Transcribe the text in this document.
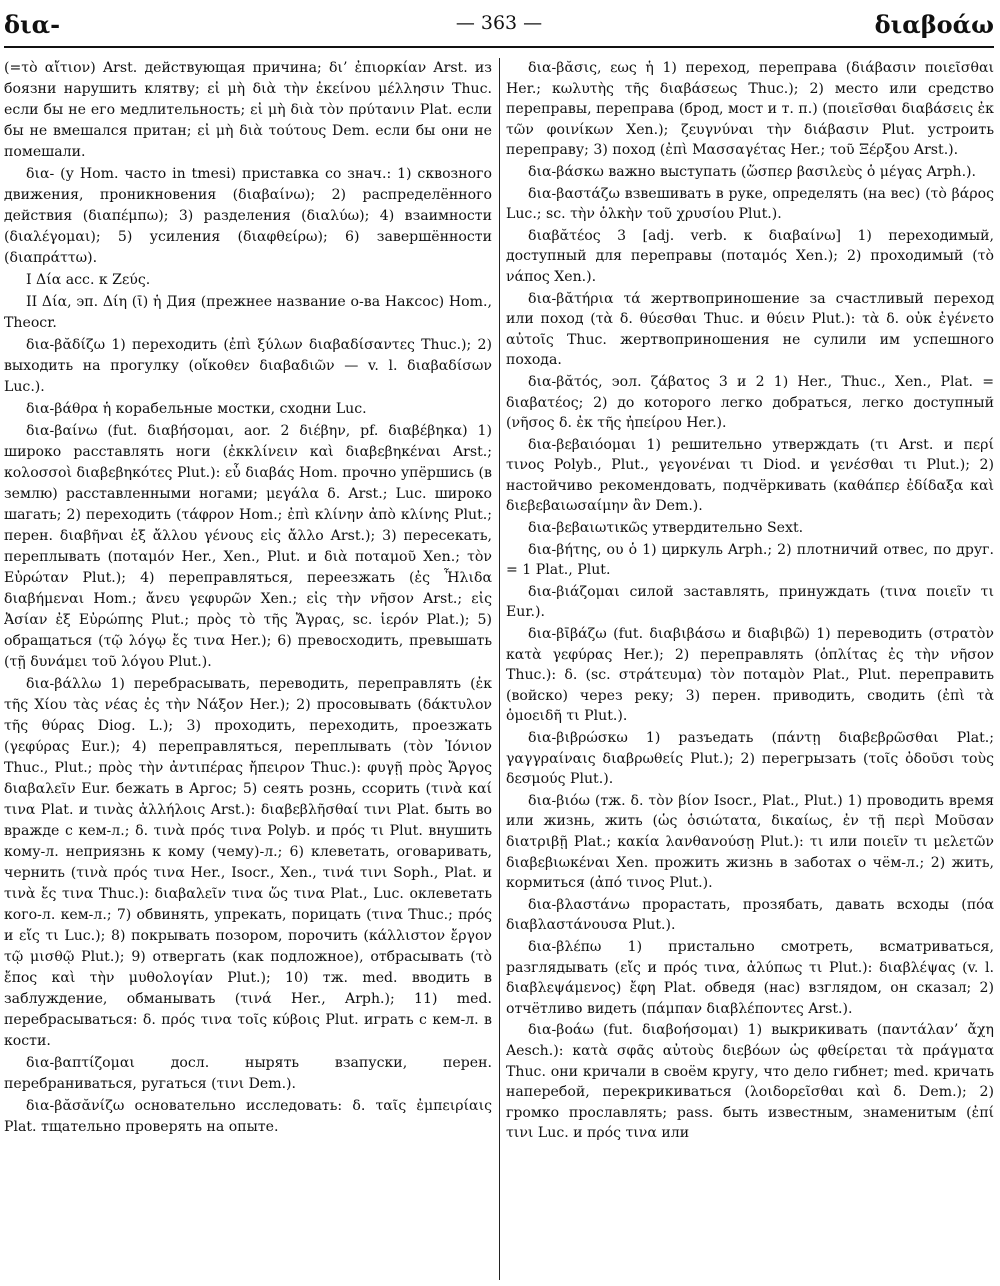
δια-	— 363 —	διαβοάω

(=τὸ αἴτιον) Arst. действующая причина; δι’ ἐπιορκίαν Arst. из боязни нарушить клятву; εἰ μὴ διὰ τὴν ἐκείνου μέλλησιν Thuc. если бы не его медлительность; εἰ μὴ διὰ τὸν πρύτανιν Plat. если бы не вмешался притан; εἰ μὴ διὰ τούτους Dem. если бы они не помешали.

δια- (у Hom. часто in tmesi) приставка со знач.: 1) сквозного движения, проникновения (διαβαίνω); 2) распределённого действия (διαπέμπω); 3) разделения (διαλύω); 4) взаимности (διαλέγομαι); 5) усиления (διαφθείρω); 6) завершённости (διαπράττω).

I Δία acc. к Ζεύς.

II Δία, эп. Δίη (ῑ) ἡ Дия (прежнее название о-ва Наксос) Hom., Theocr.

δια-βᾰδίζω 1) переходить (ἐπὶ ξύλων διαβαδίσαντες Thuc.); 2) выходить на прогулку (οἴκοθεν διαβαδιῶν — v. l. διαβαδίσων Luc.).

δια-βάθρα ἡ корабельные мостки, сходни Luc.

δια-βαίνω (fut. διαβήσομαι, aor. 2 διέβην, pf. διαβέβηκα) 1) широко расставлять ноги (ἐκκλίνειν καὶ διαβεβηκέναι Arst.; κολοσσοὶ διαβεβηκότες Plut.): εὖ διαβάς Hom. прочно упёршись (в землю) расставленными ногами; μεγάλα δ. Arst.; Luc. широко шагать; 2) переходить (τάφρον Hom.; ἐπὶ κλίνην ἀπὸ κλίνης Plut.; перен. διαβῆναι ἐξ ἄλλου γένους εἰς ἄλλο Arst.); 3) пересекать, переплывать (ποταμόν Her., Xen., Plut. и διὰ ποταμοῦ Xen.; τὸν Εὐρώταν Plut.); 4) переправляться, переезжать (ἐς Ἦλιδα διαβήμεναι Hom.; ἄνευ γεφυρῶν Xen.; εἰς τὴν νῆσον Arst.; εἰς Ἀσίαν ἐξ Εὐρώπης Plut.; πρὸς τὸ τῆς Ἄγρας, sc. ἱερόν Plat.); 5) обращаться (τῷ λόγῳ ἔς τινα Her.); 6) превосходить, превышать (τῇ δυνάμει τοῦ λόγου Plut.).

δια-βάλλω 1) перебрасывать, переводить, переправлять (ἐκ τῆς Χίου τὰς νέας ἐς τὴν Νάξον Her.); 2) просовывать (δάκτυλον τῆς θύρας Diog. L.); 3) проходить, переходить, проезжать (γεφύρας Eur.); 4) переправляться, переплывать (τὸν Ἰόνιον Thuc., Plut.; πρὸς τὴν ἀντιπέρας ἤπειρον Thuc.): φυγῇ πρὸς Ἄργος διαβαλεῖν Eur. бежать в Аргос; 5) сеять рознь, ссорить (τινὰ καί τινα Plat. и τινὰς ἀλλήλοις Arst.): διαβεβλῆσθαί τινι Plat. быть во вражде с кем-л.; δ. τινὰ πρός τινα Polyb. и πρός τι Plut. внушить кому-л. неприязнь к кому (чему)-л.; 6) клеветать, оговаривать, чернить (τινὰ πρός τινα Her., Isocr., Xen., τινά τινι Soph., Plat. и τινὰ ἔς τινα Thuc.): διαβαλεῖν τινα ὥς τινα Plat., Luc. оклеветать кого-л. кем-л.; 7) обвинять, упрекать, порицать (τινα Thuc.; πρός и εἴς τι Luc.); 8) покрывать позором, порочить (κάλλιστον ἔργον τῷ μισθῷ Plut.); 9) отвергать (как подложное), отбрасывать (τὸ ἔπος καὶ τὴν μυθολογίαν Plut.); 10) тж. med. вводить в заблуждение, обманывать (τινά Her., Arph.); 11) med. перебрасываться: δ. πρός τινα τοῖς κύβοις Plut. играть с кем-л. в кости.

δια-βαπτίζομαι досл. нырять взапуски, перен. перебраниваться, ругаться (τινι Dem.).

δια-βᾰσᾰνίζω основательно исследовать: δ. ταῖς ἐμπειρίαις Plat. тщательно проверять на опыте.

δια-βᾰσις, εως ἡ 1) переход, переправа (διάβασιν ποιεῖσθαι Her.; κωλυτὴς τῆς διαβάσεως Thuc.); 2) место или средство переправы, переправа (брод, мост и т. п.) (ποιεῖσθαι διαβάσεις ἐκ τῶν φοινίκων Xen.); ζευγνύναι τὴν διάβασιν Plut. устроить переправу; 3) поход (ἐπὶ Μασσαγέτας Her.; τοῦ Ξέρξου Arst.).

δια-βάσκω важно выступать (ὥσπερ βασιλεὺς ὁ μέγας Arph.).

δια-βαστάζω взвешивать в руке, определять (на вес) (τὸ βάρος Luc.; sc. τὴν ὁλκὴν τοῦ χρυσίου Plut.).

διαβᾰτέος 3 [adj. verb. к διαβαίνω] 1) переходимый, доступный для переправы (ποταμός Xen.); 2) проходимый (τὸ νάπος Xen.).

δια-βᾰτήρια τά жертвоприношение за счастливый переход или поход (τὰ δ. θύεσθαι Thuc. и θύειν Plut.): τὰ δ. οὐκ ἐγένετο αὐτοῖς Thuc. жертвоприношения не сулили им успешного похода.

δια-βᾰτός, эол. ζάβατος 3 и 2 1) Her., Thuc., Xen., Plat. = διαβατέος; 2) до которого легко добраться, легко доступный (νῆσος δ. ἐκ τῆς ἠπείρου Her.).

δια-βεβαιόομαι 1) решительно утверждать (τι Arst. и περί τινος Polyb., Plut., γεγονέναι τι Diod. и γενέσθαι τι Plut.); 2) настойчиво рекомендовать, подчёркивать (καθάπερ ἐδίδαξα καὶ διεβεβαιωσαίμην ἂν Dem.).

δια-βεβαιωτικῶς утвердительно Sext.

δια-βήτης, ου ὁ 1) циркуль Arph.; 2) плотничий отвес, по друг. = 1 Plat., Plut.

δια-βιάζομαι силой заставлять, принуждать (τινα ποιεῖν τι Eur.).

δια-βῑβάζω (fut. διαβιβάσω и διαβιβῶ) 1) переводить (στρατὸν κατὰ γεφύρας Her.); 2) переправлять (ὁπλίτας ἐς τὴν νῆσον Thuc.): δ. (sc. στράτευμα) τὸν ποταμὸν Plat., Plut. переправить (войско) через реку; 3) перен. приводить, сводить (ἐπὶ τὰ ὁμοειδῆ τι Plut.).

δια-βιβρώσκω 1) разъедать (πάντῃ διαβεβρῶσθαι Plat.; γαγγραίναις διαβρωθείς Plut.); 2) перегрызать (τοῖς ὀδοῦσι τοὺς δεσμούς Plut.).

δια-βιόω (тж. δ. τὸν βίον Isocr., Plat., Plut.) 1) проводить время или жизнь, жить (ὡς ὁσιώτατα, δικαίως, ἐν τῇ περὶ Μοῦσαν διατριβῇ Plat.; κακία λανθανούσῃ Plut.): τι или ποιεῖν τι μελετῶν διαβεβιωκέναι Xen. прожить жизнь в заботах о чём-л.; 2) жить, кормиться (ἀπό τινος Plut.).

δια-βλαστάνω прорастать, прозябать, давать всходы (πόα διαβλαστάνουσα Plut.).

δια-βλέπω 1) пристально смотреть, всматриваться, разглядывать (εἴς и πρός τινα, ἀλύπως τι Plut.): διαβλέψας (v. l. διαβλεψάμενος) ἔφη Plat. обведя (нас) взглядом, он сказал; 2) отчётливо видеть (πάμπαν διαβλέποντες Arst.).

δια-βοάω (fut. διαβοήσομαι) 1) выкрикивать (παντάλαν’ ἄχη Aesch.): κατὰ σφᾶς αὐτοὺς διεβόων ὡς φθείρεται τὰ πράγματα Thuc. они кричали в своём кругу, что дело гибнет; med. кричать наперебой, перекрикиваться (λοιδορεῖσθαι καὶ δ. Dem.); 2) громко прославлять; pass. быть известным, знаменитым (ἐπί τινι Luc. и πρός τινα или
